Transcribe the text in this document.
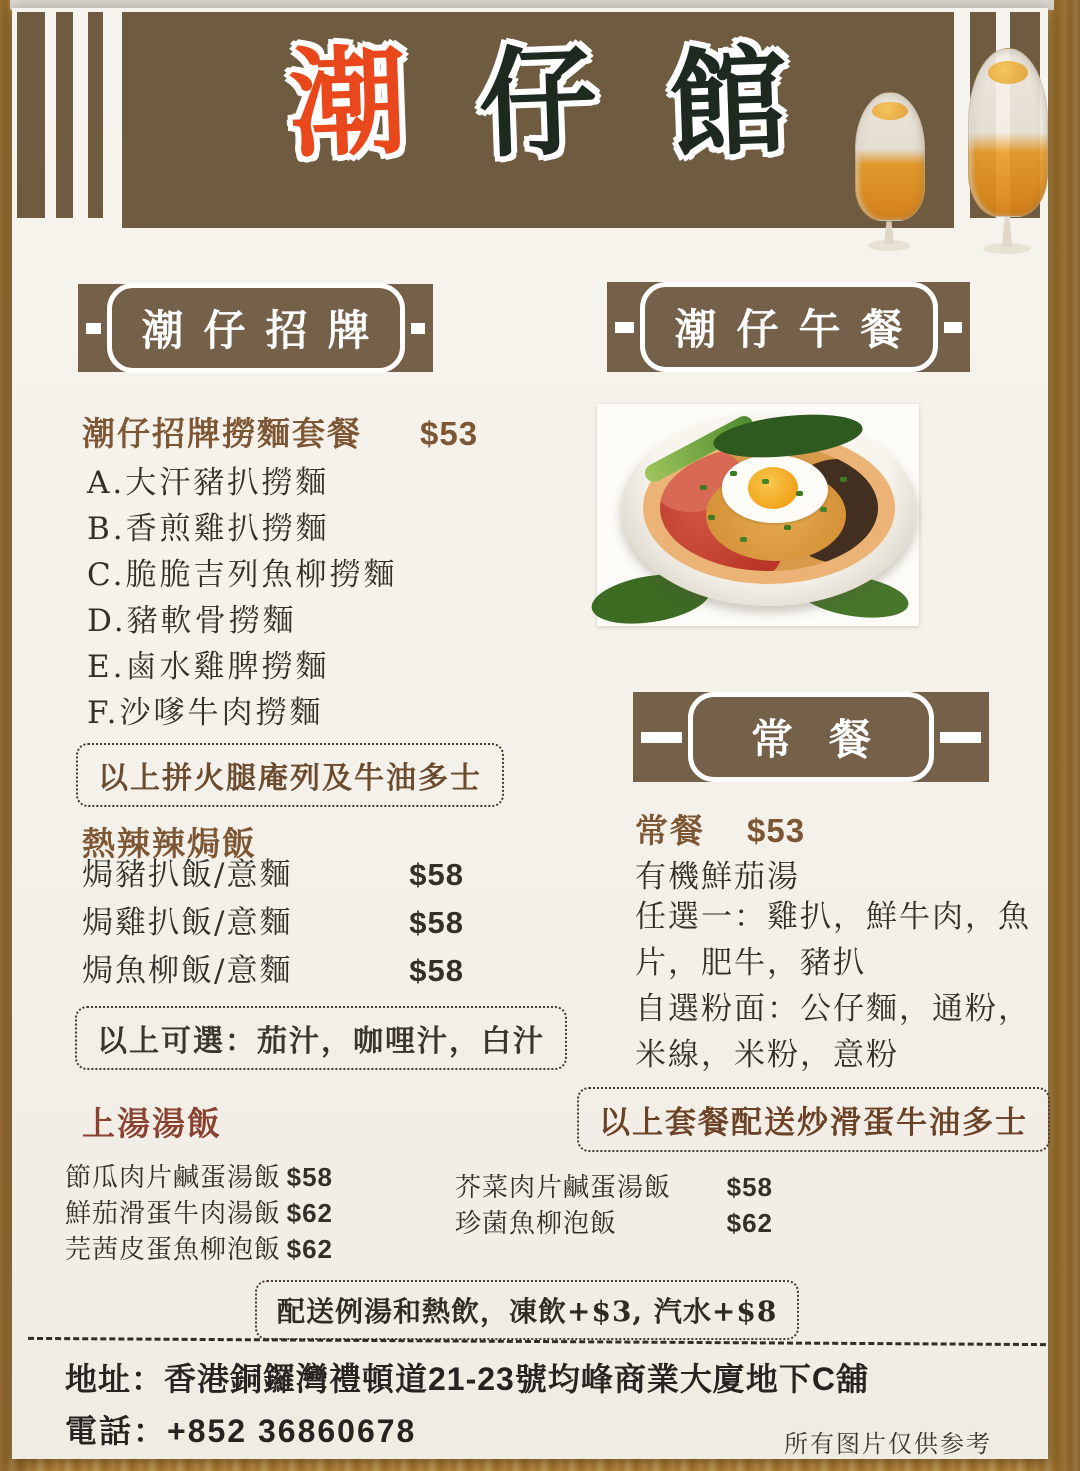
潮 仔 館
潮仔招牌
潮仔招牌撈麵套餐 $53
A.大汗豬扒撈麵
B.香煎雞扒撈麵
C.脆脆吉列魚柳撈麵
D.豬軟骨撈麵
E.鹵水雞脾撈麵
F.沙嗲牛肉撈麵
以上拼火腿庵列及牛油多士
熱辣辣焗飯
焗豬扒飯/意麵	$58
焗雞扒飯/意麵	$58
焗魚柳飯/意麵	$58
以上可選：茄汁，咖哩汁，白汁
上湯湯飯
節瓜肉片鹹蛋湯飯 $58
鮮茄滑蛋牛肉湯飯 $62
芫茜皮蛋魚柳泡飯 $62
芥菜肉片鹹蛋湯飯 $58
珍菌魚柳泡飯	$62
潮仔午餐
常餐
常餐 $53
有機鮮茄湯
任選一：雞扒，鮮牛肉，魚
片，肥牛，豬扒
自選粉面：公仔麵，通粉，
米線，米粉，意粉
以上套餐配送炒滑蛋牛油多士
配送例湯和熱飲，凍飲+$3, 汽水+$8
地址：香港銅鑼灣禮頓道21-23號均峰商業大廈地下C舖
電話：+852 36860678	所有图片仅供参考
